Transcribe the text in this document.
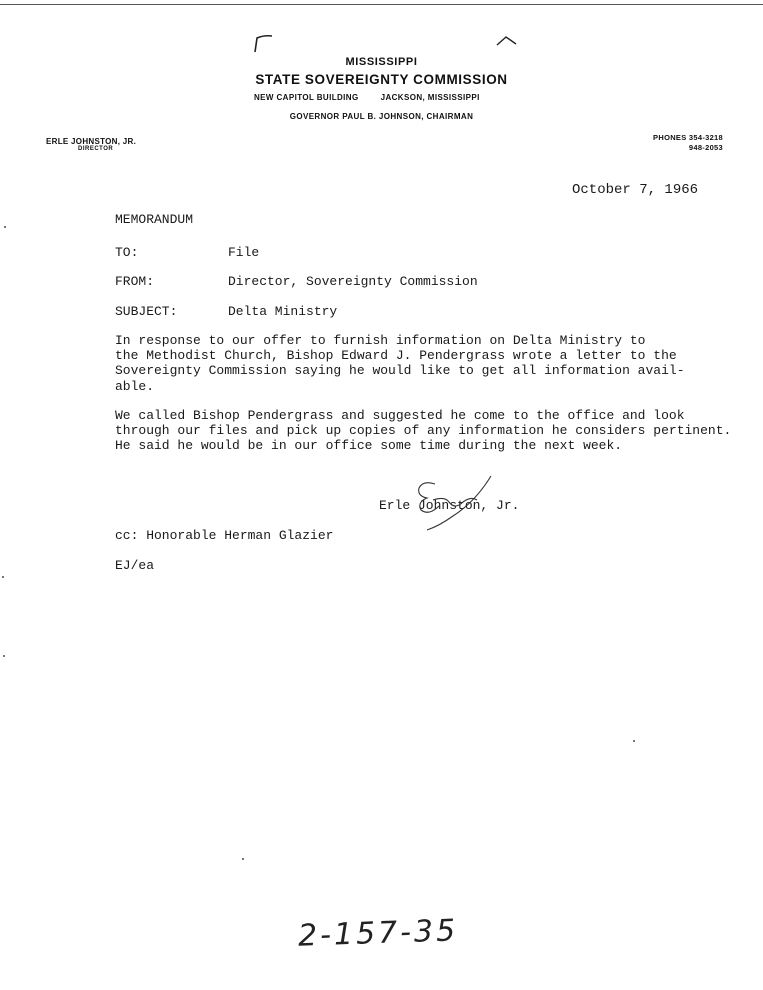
MISSISSIPPI
STATE SOVEREIGNTY COMMISSION
NEW CAPITOL BUILDING	JACKSON, MISSISSIPPI
GOVERNOR PAUL B. JOHNSON, CHAIRMAN
ERLE JOHNSTON, JR.
DIRECTOR
PHONES 354-3218
948-2053
October 7, 1966
MEMORANDUM
TO:	File
FROM:	Director, Sovereignty Commission
SUBJECT:	Delta Ministry
In response to our offer to furnish information on Delta Ministry to
the Methodist Church, Bishop Edward J. Pendergrass wrote a letter to the
Sovereignty Commission saying he would like to get all information avail-
able.
We called Bishop Pendergrass and suggested he come to the office and look
through our files and pick up copies of any information he considers pertinent.
He said he would be in our office some time during the next week.
Erle Johnston, Jr.
cc: Honorable Herman Glazier
EJ/ea
2-157-35
